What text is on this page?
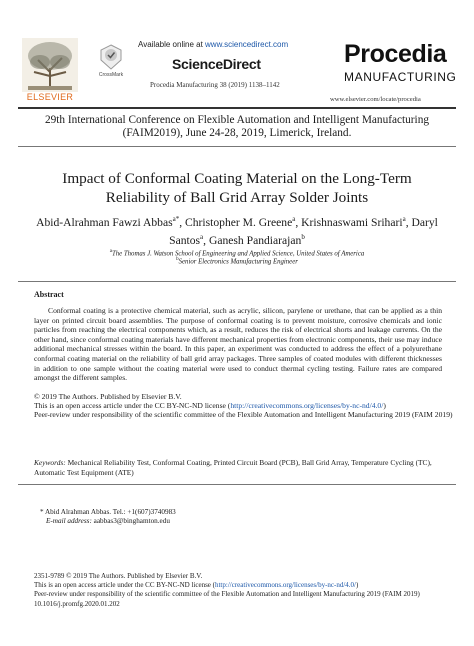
ELSEVIER
CrossMark
Available online at www.sciencedirect.com
ScienceDirect
Procedia Manufacturing 38 (2019) 1138–1142
Procedia
MANUFACTURING
www.elsevier.com/locate/procedia
29th International Conference on Flexible Automation and Intelligent Manufacturing
(FAIM2019), June 24-28, 2019, Limerick, Ireland.
Impact of Conformal Coating Material on the Long-Term
Reliability of Ball Grid Array Solder Joints
Abid-Alrahman Fawzi Abbas$^{a*}$, Christopher M. Greene$^a$, Krishnaswami Srihari$^a$, Daryl
Santos$^a$, Ganesh Pandiarajan$^b$
$^a$The Thomas J. Watson School of Engineering and Applied Science, United States of America
$^b$Senior Electronics Manufacturing Engineer
Abstract
Conformal coating is a protective chemical material, such as acrylic, silicon, parylene or urethane, that can be applied as a thin layer on printed circuit board assemblies. The purpose of conformal coating is to prevent moisture, corrosive chemicals and ionic particles from reaching the electrical components which, as a result, reduces the risk of electrical shorts and leakage currents. On the other hand, since conformal coating materials have different mechanical properties from electronic components, their use may induce additional mechanical stresses within the board. In this paper, an experiment was conducted to address the effect of a polyurethane conformal coating material on the reliability of ball grid array packages. Three samples of coated modules with different thicknesses in addition to one sample without the coating material were used to conduct thermal cycling testing. Failure rates are compared amongst the different samples.
© 2019 The Authors. Published by Elsevier B.V.
This is an open access article under the CC BY-NC-ND license (http://creativecommons.org/licenses/by-nc-nd/4.0/)
Peer-review under responsibility of the scientific committee of the Flexible Automation and Intelligent Manufacturing 2019 (FAIM 2019)
Keywords: Mechanical Reliability Test, Conformal Coating, Printed Circuit Board (PCB), Ball Grid Array, Temperature Cycling (TC), Automatic Test Equipment (ATE)
* Abid Alrahman Abbas. Tel.: +1(607)3740983
E-mail address: aabbas3@binghamton.edu
2351-9789 © 2019 The Authors. Published by Elsevier B.V.
This is an open access article under the CC BY-NC-ND license (http://creativecommons.org/licenses/by-nc-nd/4.0/)
Peer-review under responsibility of the scientific committee of the Flexible Automation and Intelligent Manufacturing 2019 (FAIM 2019)
10.1016/j.promfg.2020.01.202
